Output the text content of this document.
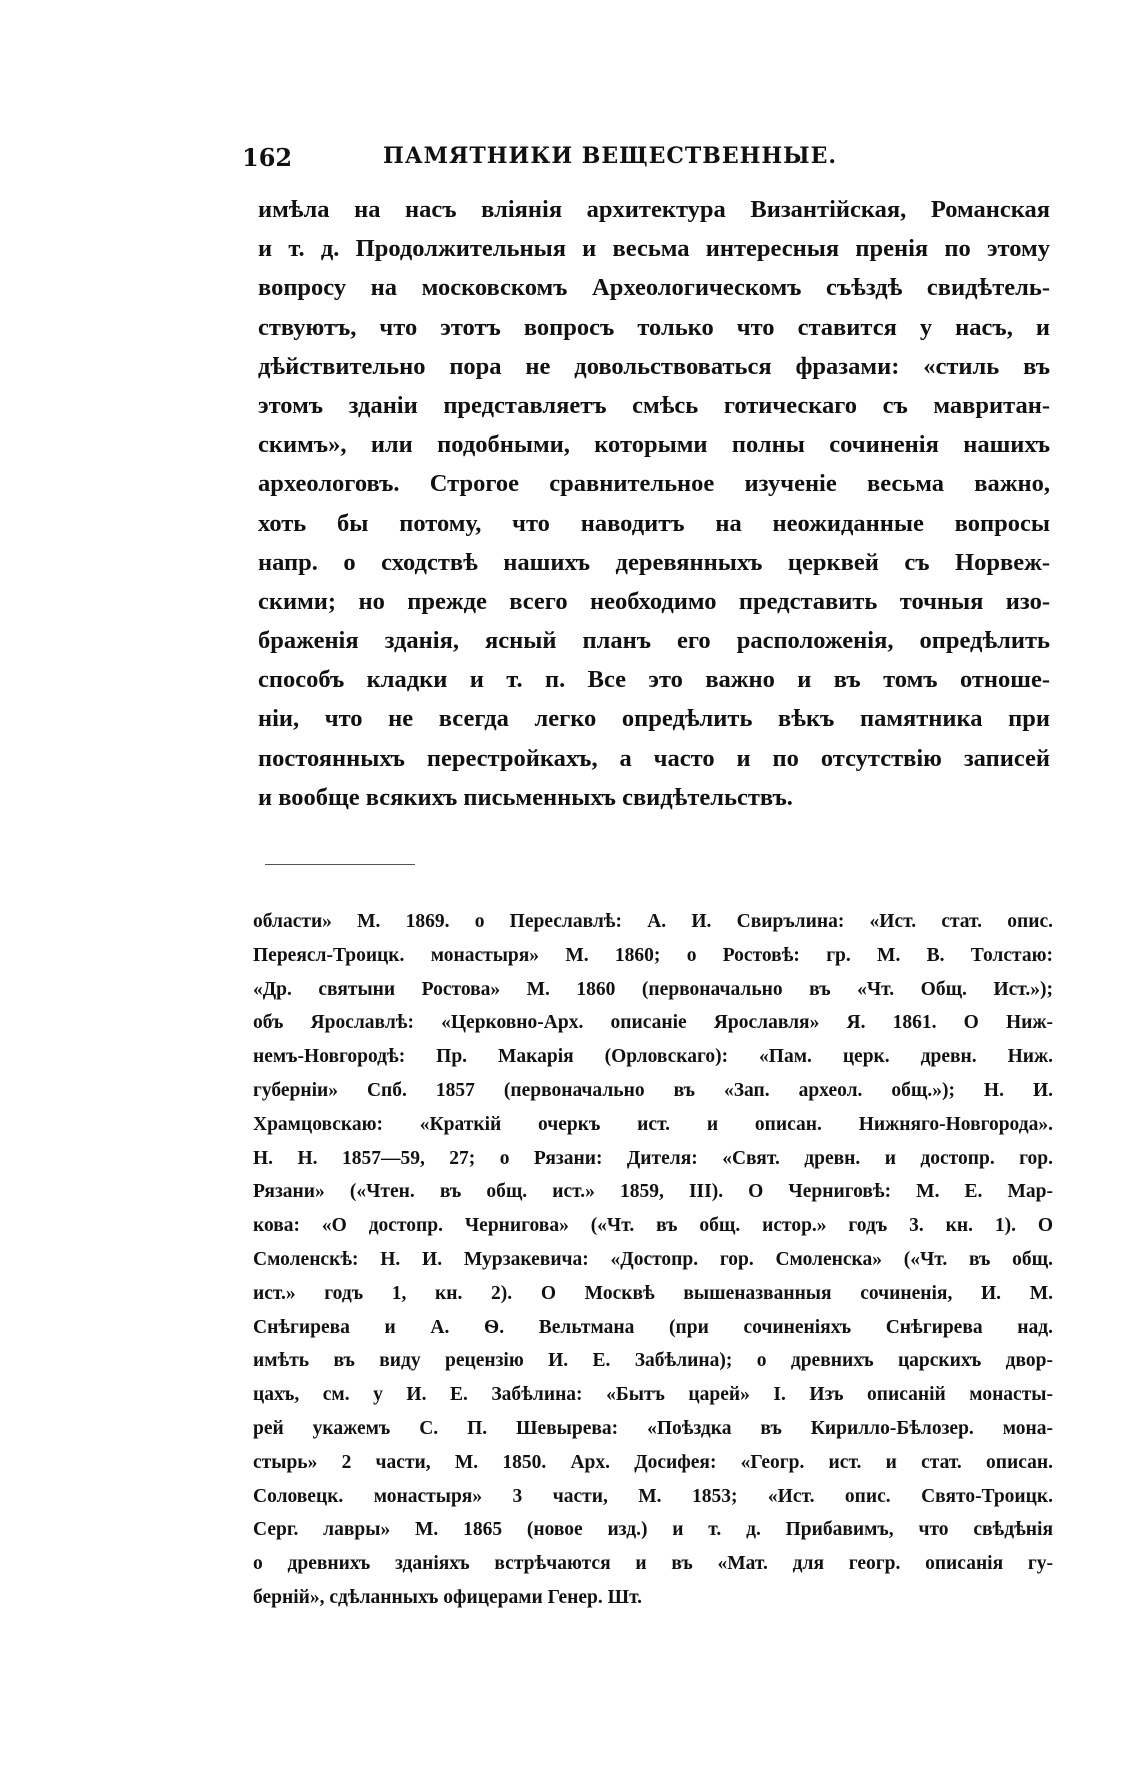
162	ПАМЯТНИКИ ВЕЩЕСТВЕННЫЕ.
имѣла на насъ вліянія архитектура Византійская, Романская
и т. д. Продолжительныя и весьма интересныя пренія по этому
вопросу на московскомъ Археологическомъ съѣздѣ свидѣтель-
ствуютъ, что этотъ вопросъ только что ставится у насъ, и
дѣйствительно пора не довольствоваться фразами: «стиль въ
этомъ зданіи представляетъ смѣсь готическаго съ мавритан-
скимъ», или подобными, которыми полны сочиненія нашихъ
археологовъ. Строгое сравнительное изученіе весьма важно,
хоть бы потому, что наводитъ на неожиданные вопросы
напр. о сходствѣ нашихъ деревянныхъ церквей съ Норвеж-
скими; но прежде всего необходимо представить точныя изо-
браженія зданія, ясный планъ его расположенія, опредѣлить
способъ кладки и т. п. Все это важно и въ томъ отноше-
ніи, что не всегда легко опредѣлить вѣкъ памятника при
постоянныхъ перестройкахъ, а часто и по отсутствію записей
и вообще всякихъ письменныхъ свидѣтельствъ.
области» М. 1869. о Переславлѣ: А. И. Свирълина: «Ист. стат. опис.
Переясл-Троицк. монастыря» М. 1860; о Ростовѣ: гр. М. В. Толстаю:
«Др. святыни Ростова» М. 1860 (первоначально въ «Чт. Общ. Ист.»);
объ Ярославлѣ: «Церковно-Арх. описаніе Ярославля» Я. 1861. О Ниж-
немъ-Новгородѣ: Пр. Макарія (Орловскаго): «Пам. церк. древн. Ниж.
губерніи» Спб. 1857 (первоначально въ «Зап. археол. общ.»); Н. И.
Храмцовскаю: «Краткій очеркъ ист. и описан. Нижняго-Новгорода».
Н. Н. 1857—59, 27; о Рязани: Дителя: «Свят. древн. и достопр. гор.
Рязани» («Чтен. въ общ. ист.» 1859, III). О Черниговѣ: М. Е. Мар-
кова: «О достопр. Чернигова» («Чт. въ общ. истор.» годъ 3. кн. 1). О
Смоленскѣ: Н. И. Мурзакевича: «Достопр. гор. Смоленска» («Чт. въ общ.
ист.» годъ 1, кн. 2). О Москвѣ вышеназванныя сочиненія, И. М.
Снѣгирева и А. Ѳ. Вельтмана (при сочиненіяхъ Снѣгирева над.
имѣть въ виду рецензію И. Е. Забѣлина); о древнихъ царскихъ двор-
цахъ, см. у И. Е. Забѣлина: «Бытъ царей» I. Изъ описаній монасты-
рей укажемъ С. П. Шевырева: «Поѣздка въ Кирилло-Бѣлозер. мона-
стырь» 2 части, М. 1850. Арх. Досифея: «Геогр. ист. и стат. описан.
Соловецк. монастыря» 3 части, М. 1853; «Ист. опис. Свято-Троицк.
Серг. лавры» М. 1865 (новое изд.) и т. д. Прибавимъ, что свѣдѣнія
о древнихъ зданіяхъ встрѣчаются и въ «Мат. для геогр. описанія гу-
берній», сдѣланныхъ офицерами Генер. Шт.
